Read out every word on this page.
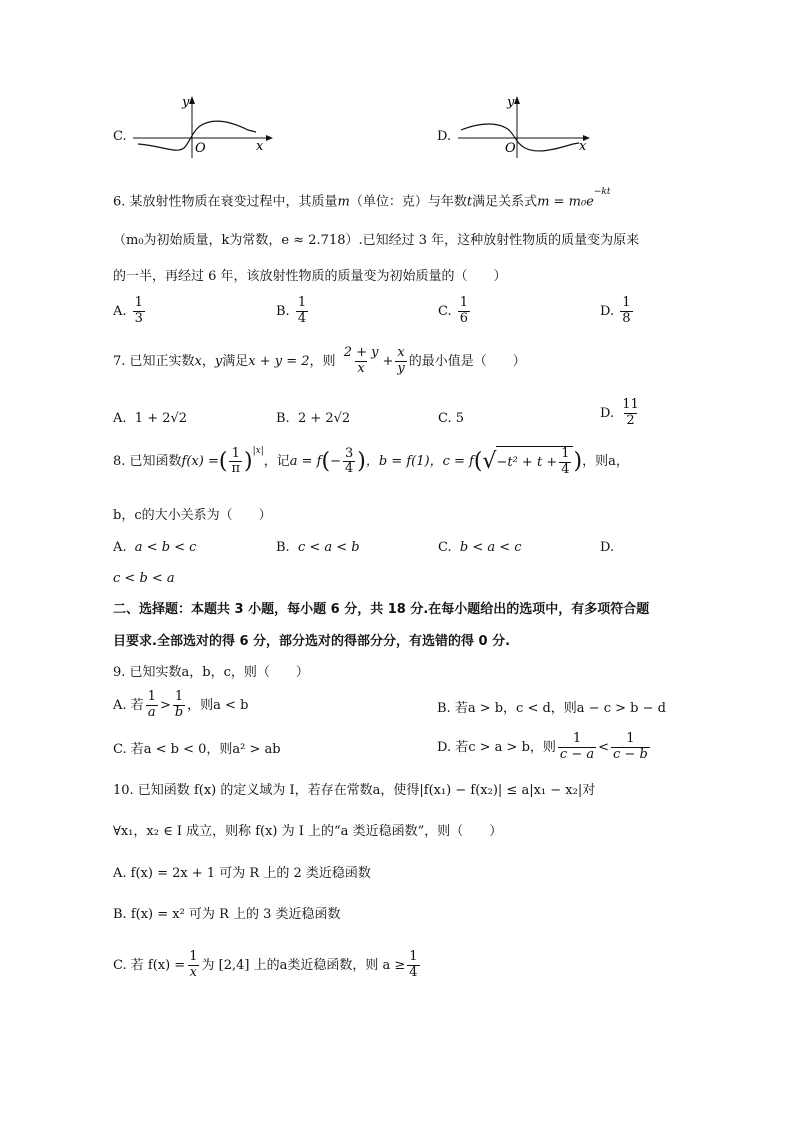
C.
y
O	x
D.
y
O	x
6. 某放射性物质在衰变过程中，其质量m（单位：克）与年数t满足关系式$m = m_0e^{-kt}$
（m₀为初始质量，k为常数，e ≈ 2.718）.已知经过 3 年，这种放射性物质的质量变为原来
的一半，再经过 6 年，该放射性物质的质量变为初始质量的（　　）
A. $\frac{1}{3}$	B. $\frac{1}{4}$	C. $\frac{1}{6}$	D. $\frac{1}{8}$
7. 已知正实数x，y满足x + y = 2，则 $\frac{2 + y}{x} + \frac{x}{y}$ 的最小值是（　　）
A. 1 + 2√2	B. 2 + 2√2	C. 5	D. $\frac{11}{2}$
8. 已知函数 f(x) = ( $\frac{1}{\pi} )^{|x|}$
，记 a = f ( − $\frac{3}{4}$ ) ，b = f(1) ，c = f ( √ $-t^2 + t + \frac{1}{4}$ ) ，则a，
b，c的大小关系为（　　）
A. a < b < c	B. c < a < b	C. b < a < c	D.
c < b < a
二、选择题：本题共 3 小题，每小题 6 分，共 18 分.在每小题给出的选项中，有多项符合题
目要求.全部选对的得 6 分，部分选对的得部分分，有选错的得 0 分.
9. 已知实数a，b，c，则（　　）
A. 若 $\frac{1}{a} > \frac{1}{b}$ ，则a < b	B. 若a > b，c < d，则a − c > b − d
C. 若a < b < 0，则a² > ab	D. 若c > a > b，则 $\frac{1}{c - a} < \frac{1}{c - b}$
10. 已知函数 f(x) 的定义域为 I，若存在常数a，使得|f(x₁) − f(x₂)| ≤ a|x₁ − x₂|对
∀x₁，x₂ ∈ I 成立，则称 f(x) 为 I 上的“a 类近稳函数”，则（　　）
A. f(x) = 2x + 1 可为 R 上的 2 类近稳函数
B. f(x) = x² 可为 R 上的 3 类近稳函数
C. 若 $f(x) = \frac{1}{x}$ 为 [2,4] 上的a类近稳函数，则 $a \ge \frac{1}{4}$
